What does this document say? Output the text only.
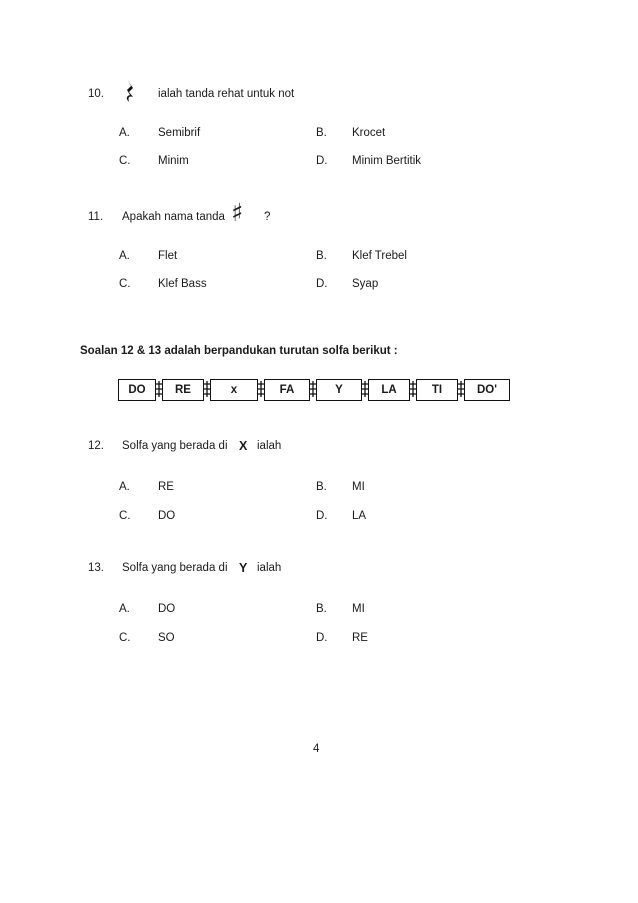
10.	ialah tanda rehat untuk not
A. Semibrif	B. Krocet
C. Minim	D. Minim Bertitik
11. Apakah nama tanda ♯ ?
A. Flet	B. Klef Trebel
C. Klef Bass	D. Syap
Soalan 12 & 13 adalah berpandukan turutan solfa berikut :
DO	RE	x	FA	Y	LA	TI	DO'
12. Solfa yang berada di X ialah
A. RE	B. MI
C. DO	D. LA
13. Solfa yang berada di Y ialah
A. DO	B. MI
C. SO	D. RE
4
